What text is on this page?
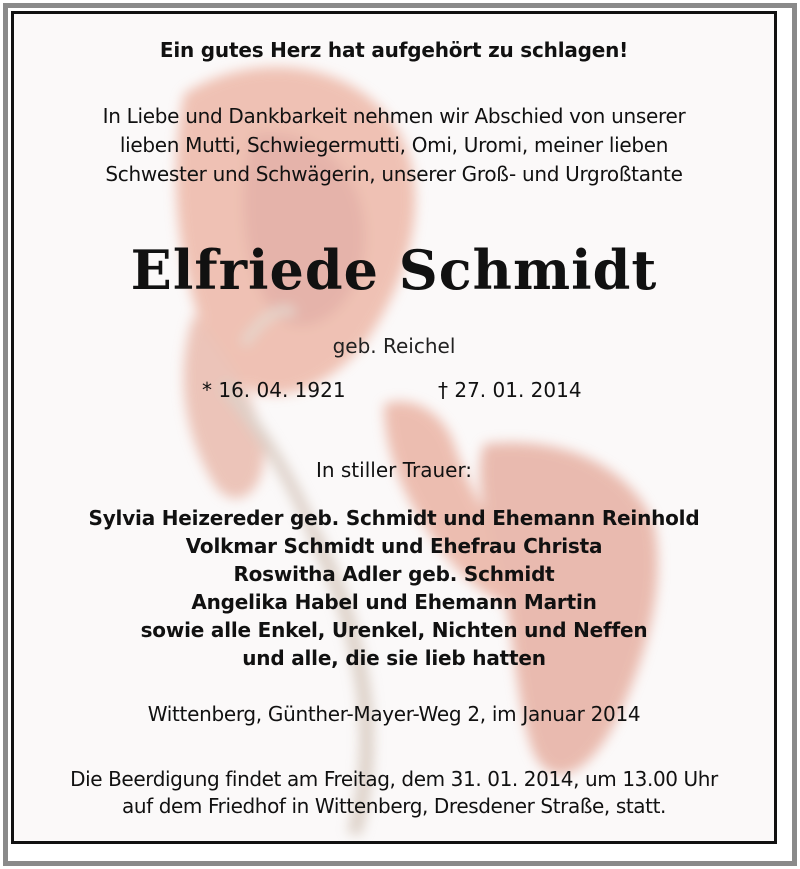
Ein gutes Herz hat aufgehört zu schlagen!
In Liebe und Dankbarkeit nehmen wir Abschied von unserer
lieben Mutti, Schwiegermutti, Omi, Uromi, meiner lieben
Schwester und Schwägerin, unserer Groß- und Urgroßtante
Elfriede Schmidt
geb. Reichel
* 16. 04. 1921	† 27. 01. 2014
In stiller Trauer:
Sylvia Heizereder geb. Schmidt und Ehemann Reinhold
Volkmar Schmidt und Ehefrau Christa
Roswitha Adler geb. Schmidt
Angelika Habel und Ehemann Martin
sowie alle Enkel, Urenkel, Nichten und Neffen
und alle, die sie lieb hatten
Wittenberg, Günther-Mayer-Weg 2, im Januar 2014
Die Beerdigung findet am Freitag, dem 31. 01. 2014, um 13.00 Uhr
auf dem Friedhof in Wittenberg, Dresdener Straße, statt.
